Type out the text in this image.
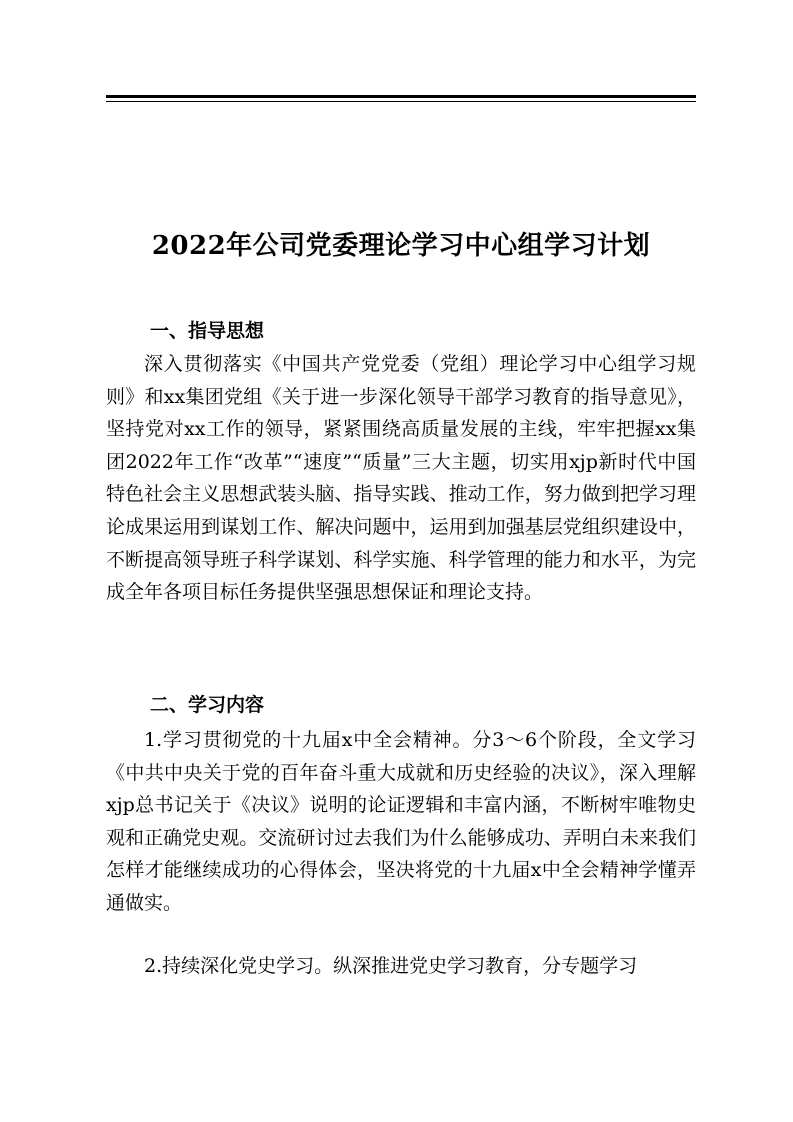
2022年公司党委理论学习中心组学习计划
一、指导思想
深入贯彻落实《中国共产党党委（党组）理论学习中心组学习规则》和xx集团党组《关于进一步深化领导干部学习教育的指导意见》，坚持党对xx工作的领导，紧紧围绕高质量发展的主线，牢牢把握xx集团2022年工作“改革”“速度”“质量”三大主题，切实用xjp新时代中国特色社会主义思想武装头脑、指导实践、推动工作，努力做到把学习理论成果运用到谋划工作、解决问题中，运用到加强基层党组织建设中，不断提高领导班子科学谋划、科学实施、科学管理的能力和水平，为完成全年各项目标任务提供坚强思想保证和理论支持。
二、学习内容
1.学习贯彻党的十九届x中全会精神。分3～6个阶段，全文学习《中共中央关于党的百年奋斗重大成就和历史经验的决议》，深入理解xjp总书记关于《决议》说明的论证逻辑和丰富内涵，不断树牢唯物史观和正确党史观。交流研讨过去我们为什么能够成功、弄明白未来我们怎样才能继续成功的心得体会，坚决将党的十九届x中全会精神学懂弄通做实。
2.持续深化党史学习。纵深推进党史学习教育，分专题学习
